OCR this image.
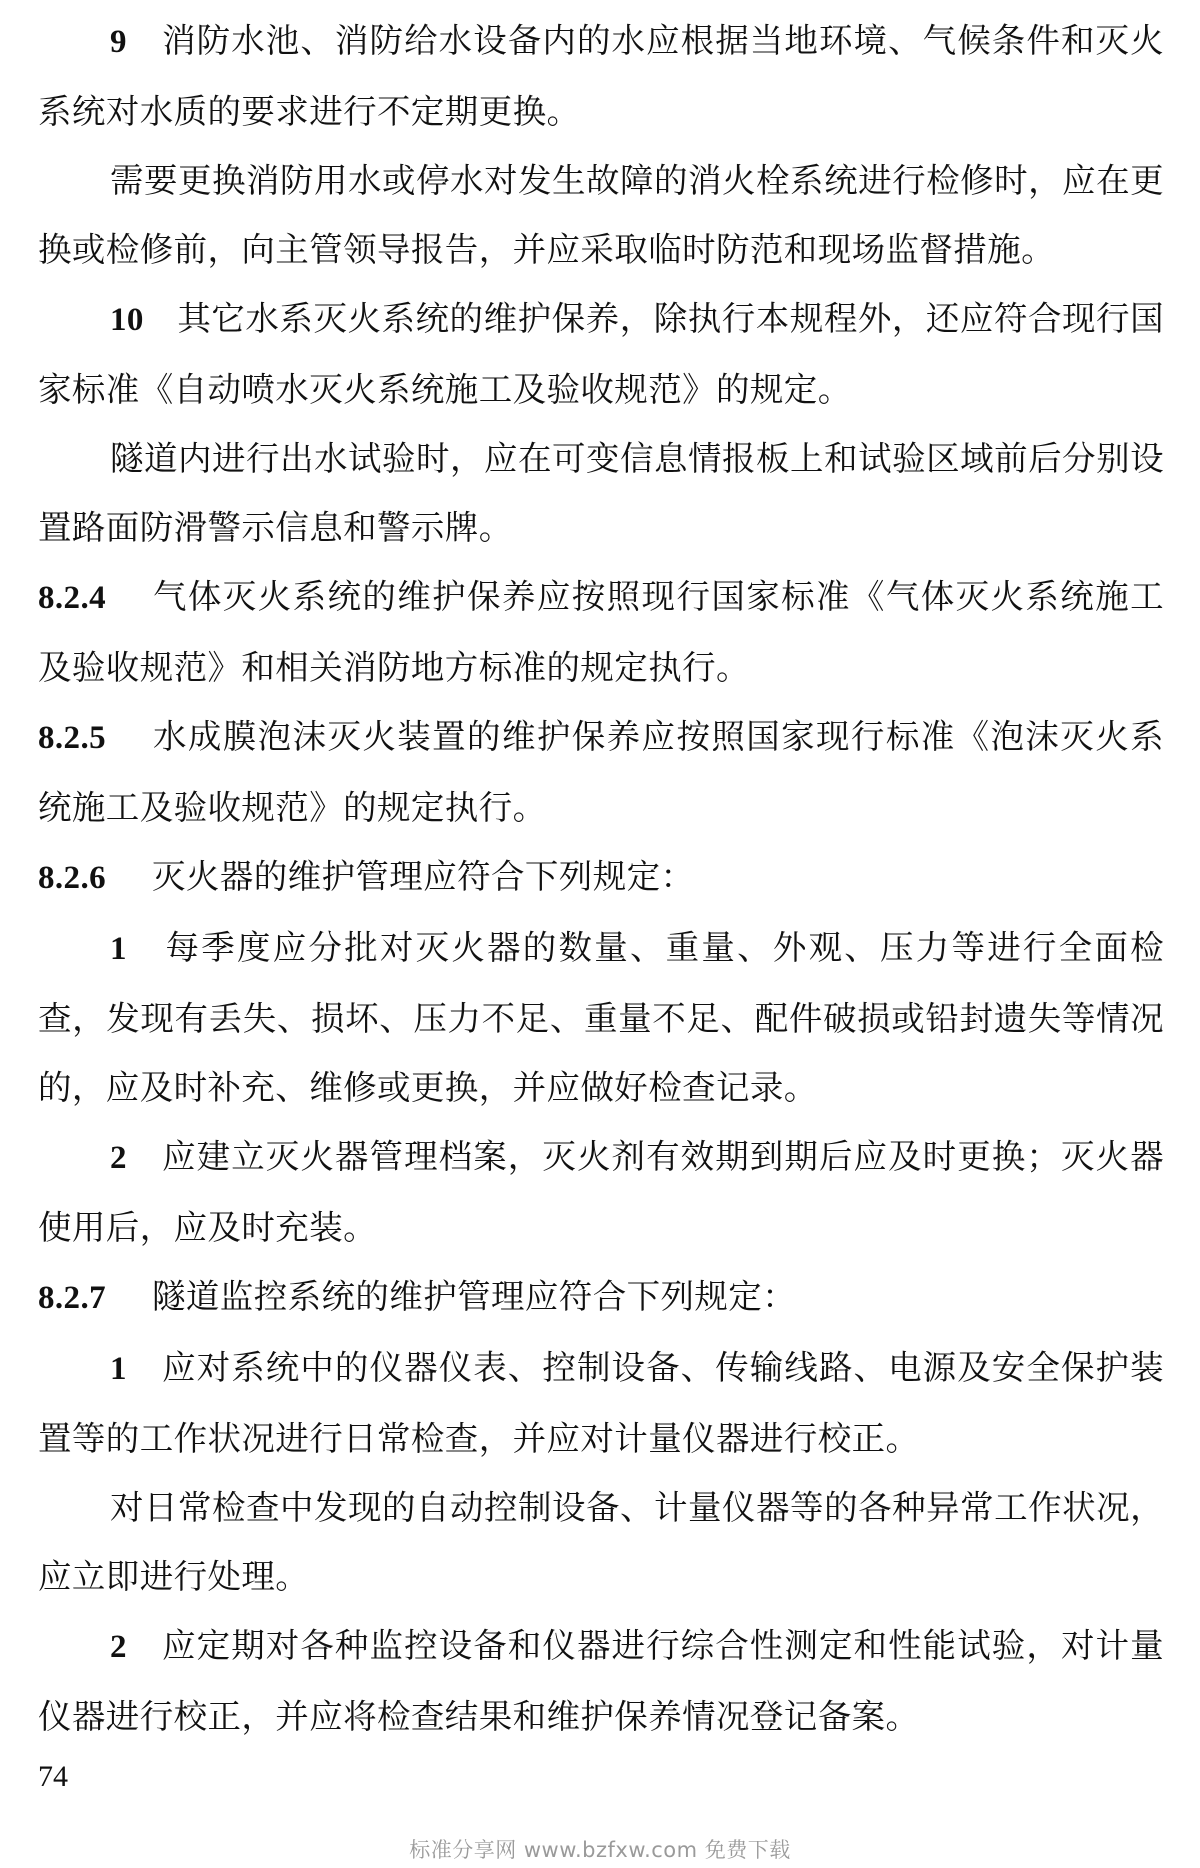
9 消防水池、消防给水设备内的水应根据当地环境、气候条件和灭火系统对水质的要求进行不定期更换。

需要更换消防用水或停水对发生故障的消火栓系统进行检修时，应在更换或检修前，向主管领导报告，并应采取临时防范和现场监督措施。

10 其它水系灭火系统的维护保养，除执行本规程外，还应符合现行国家标准《自动喷水灭火系统施工及验收规范》的规定。

隧道内进行出水试验时，应在可变信息情报板上和试验区域前后分别设置路面防滑警示信息和警示牌。

8.2.4 气体灭火系统的维护保养应按照现行国家标准《气体灭火系统施工及验收规范》和相关消防地方标准的规定执行。

8.2.5 水成膜泡沫灭火装置的维护保养应按照国家现行标准《泡沫灭火系统施工及验收规范》的规定执行。

8.2.6 灭火器的维护管理应符合下列规定：

1 每季度应分批对灭火器的数量、重量、外观、压力等进行全面检查，发现有丢失、损坏、压力不足、重量不足、配件破损或铅封遗失等情况的，应及时补充、维修或更换，并应做好检查记录。

2 应建立灭火器管理档案，灭火剂有效期到期后应及时更换；灭火器使用后，应及时充装。

8.2.7 隧道监控系统的维护管理应符合下列规定：

1 应对系统中的仪器仪表、控制设备、传输线路、电源及安全保护装置等的工作状况进行日常检查，并应对计量仪器进行校正。

对日常检查中发现的自动控制设备、计量仪器等的各种异常工作状况，应立即进行处理。

2 应定期对各种监控设备和仪器进行综合性测定和性能试验，对计量仪器进行校正，并应将检查结果和维护保养情况登记备案。

74
标准分享网 www.bzfxw.com 免费下载
